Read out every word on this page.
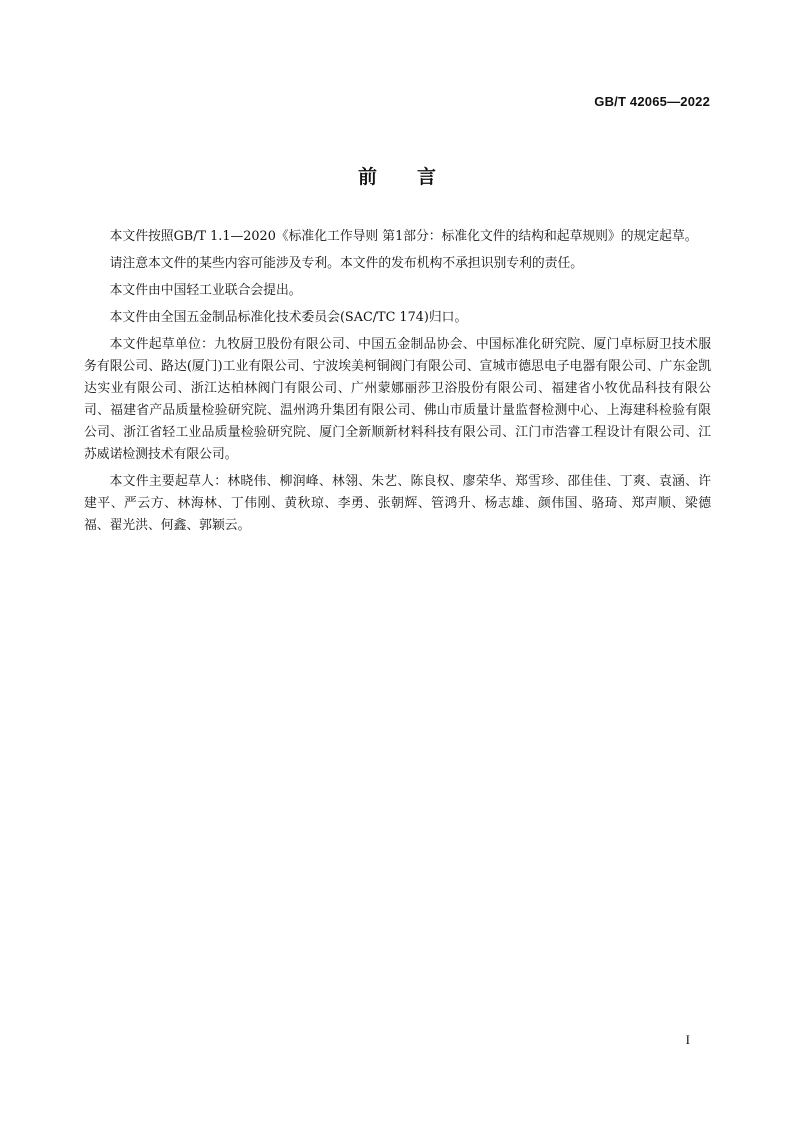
GB/T 42065—2022
前言

本文件按照GB/T 1.1—2020《标准化工作导则 第1部分：标准化文件的结构和起草规则》的规定起草。

请注意本文件的某些内容可能涉及专利。本文件的发布机构不承担识别专利的责任。

本文件由中国轻工业联合会提出。

本文件由全国五金制品标准化技术委员会(SAC/TC 174)归口。

本文件起草单位：九牧厨卫股份有限公司、中国五金制品协会、中国标准化研究院、厦门卓标厨卫技术服务有限公司、路达(厦门)工业有限公司、宁波埃美柯铜阀门有限公司、宣城市德思电子电器有限公司、广东金凯达实业有限公司、浙江达柏林阀门有限公司、广州蒙娜丽莎卫浴股份有限公司、福建省小牧优品科技有限公司、福建省产品质量检验研究院、温州鸿升集团有限公司、佛山市质量计量监督检测中心、上海建科检验有限公司、浙江省轻工业品质量检验研究院、厦门全新顺新材料科技有限公司、江门市浩睿工程设计有限公司、江苏威诺检测技术有限公司。

本文件主要起草人：林晓伟、柳润峰、林翎、朱艺、陈良权、廖荣华、郑雪珍、邵佳佳、丁爽、袁涵、许建平、严云方、林海林、丁伟刚、黄秋琼、李勇、张朝辉、管鸿升、杨志雄、颜伟国、骆琦、郑声顺、梁德福、翟光洪、何鑫、郭颖云。

I
